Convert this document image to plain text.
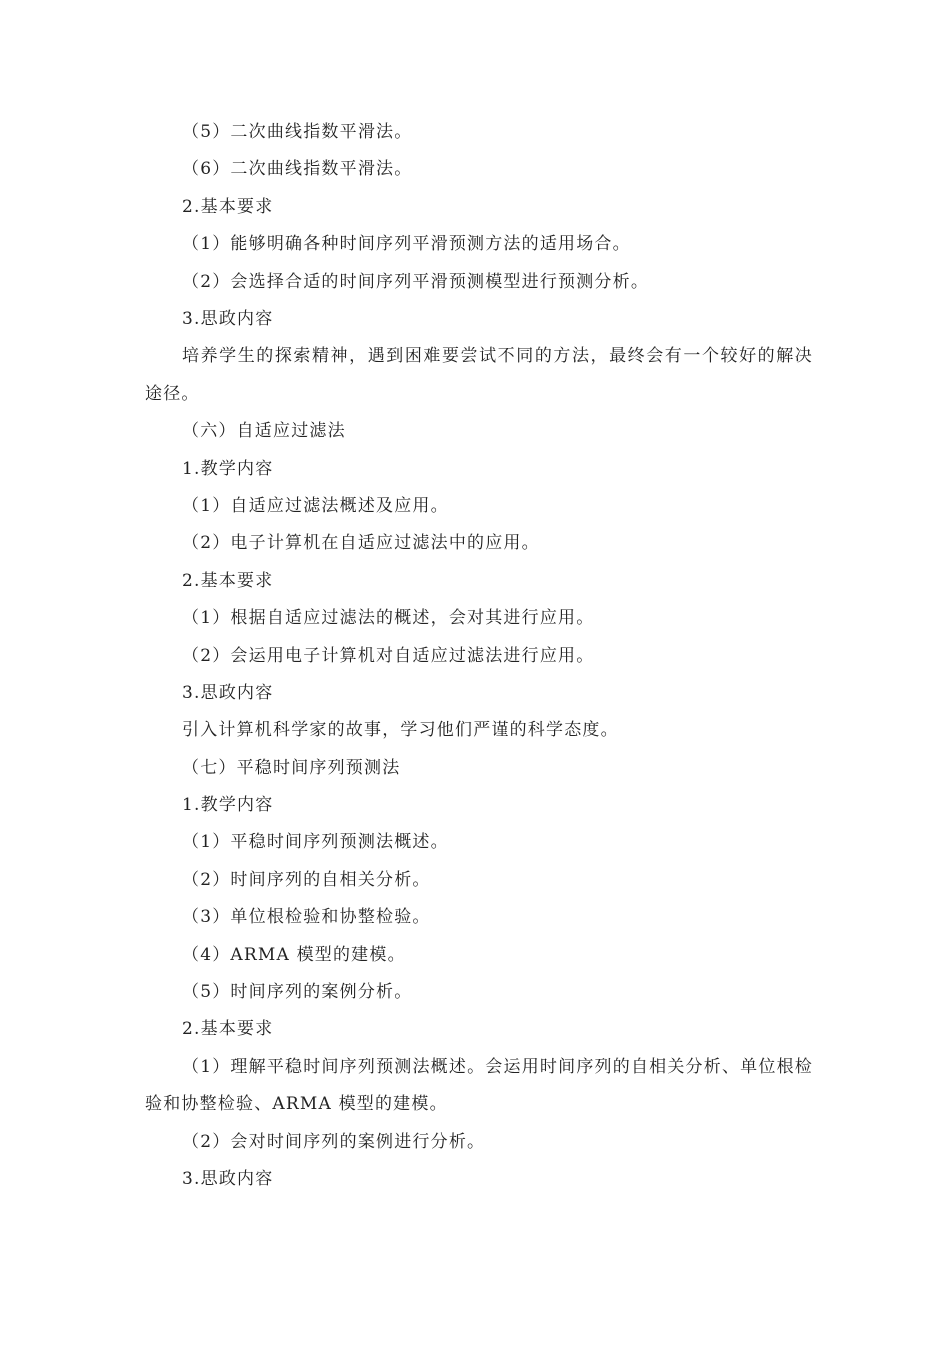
（5）二次曲线指数平滑法。

（6）二次曲线指数平滑法。

2.基本要求

（1）能够明确各种时间序列平滑预测方法的适用场合。

（2）会选择合适的时间序列平滑预测模型进行预测分析。

3.思政内容

培养学生的探索精神，遇到困难要尝试不同的方法，最终会有一个较好的解决途径。

（六）自适应过滤法

1.教学内容

（1）自适应过滤法概述及应用。

（2）电子计算机在自适应过滤法中的应用。

2.基本要求

（1）根据自适应过滤法的概述，会对其进行应用。

（2）会运用电子计算机对自适应过滤法进行应用。

3.思政内容

引入计算机科学家的故事，学习他们严谨的科学态度。

（七）平稳时间序列预测法

1.教学内容

（1）平稳时间序列预测法概述。

（2）时间序列的自相关分析。

（3）单位根检验和协整检验。

（4）ARMA 模型的建模。

（5）时间序列的案例分析。

2.基本要求

（1）理解平稳时间序列预测法概述。会运用时间序列的自相关分析、单位根检验和协整检验、ARMA 模型的建模。

（2）会对时间序列的案例进行分析。

3.思政内容
